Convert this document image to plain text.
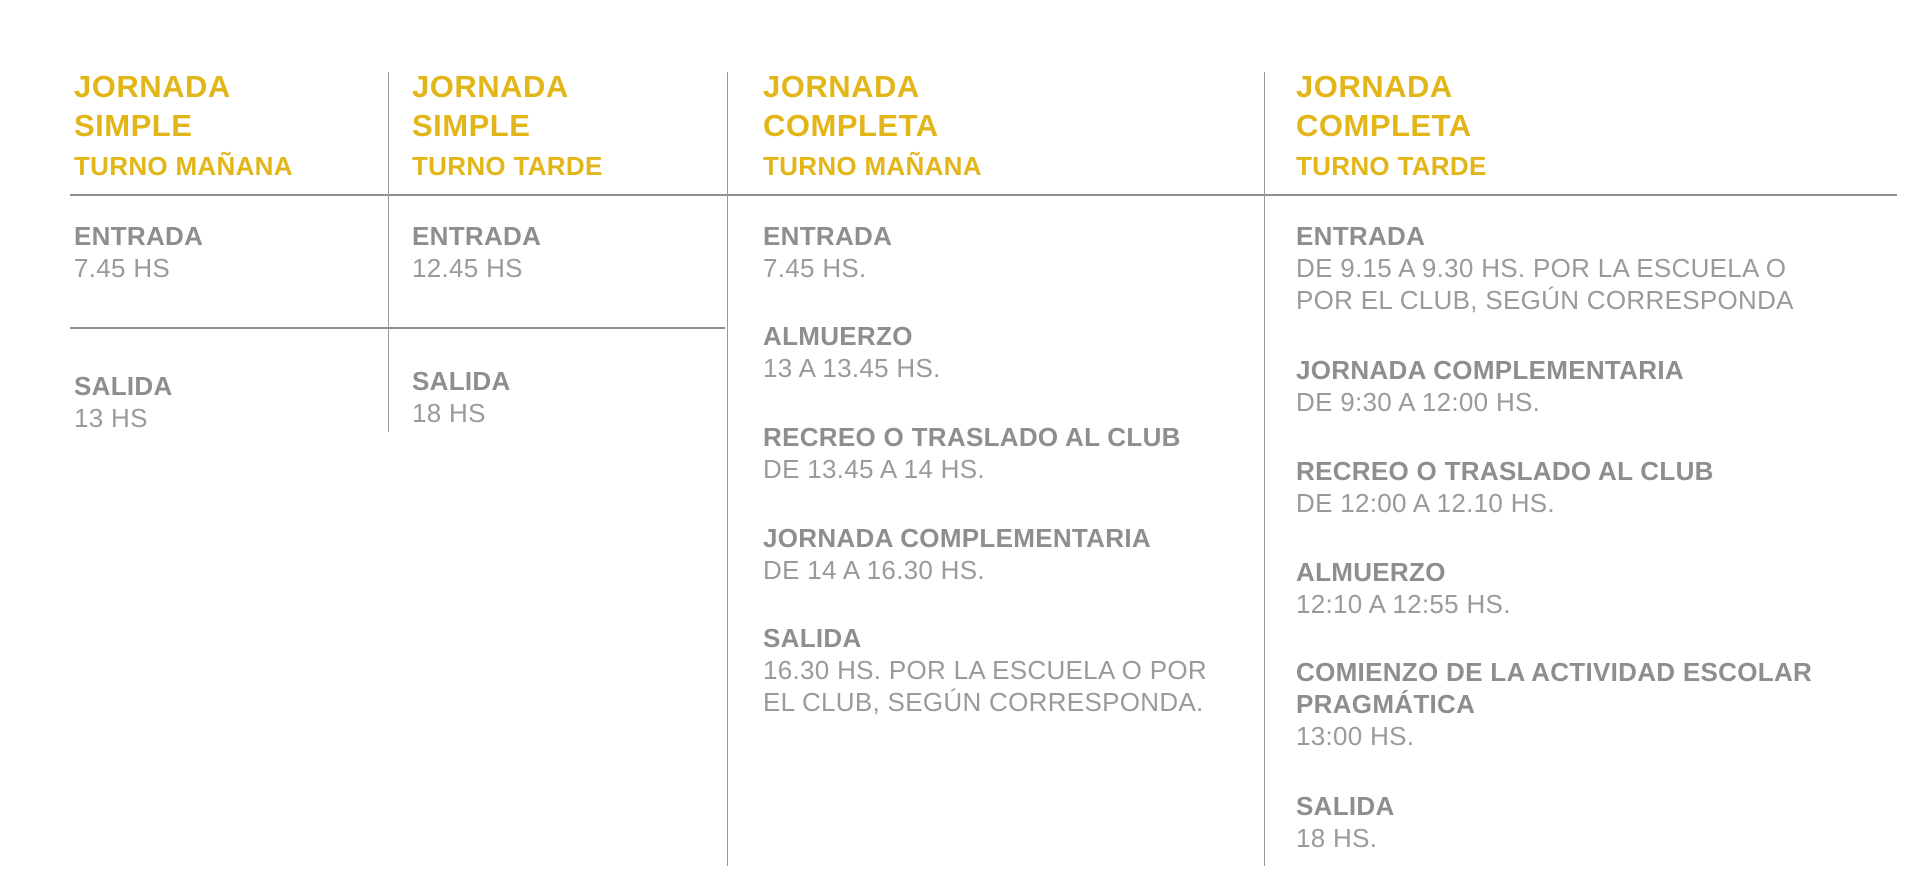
JORNADA
SIMPLE
TURNO MAÑANA
JORNADA
SIMPLE
TURNO TARDE
JORNADA
COMPLETA
TURNO MAÑANA
JORNADA
COMPLETA
TURNO TARDE
ENTRADA
7.45 HS
SALIDA
13 HS
ENTRADA
12.45 HS
SALIDA
18 HS
ENTRADA
7.45 HS.
ALMUERZO
13 A 13.45 HS.
RECREO O TRASLADO AL CLUB
DE 13.45 A 14 HS.
JORNADA COMPLEMENTARIA
DE 14 A 16.30 HS.
SALIDA
16.30 HS. POR LA ESCUELA O POR
EL CLUB, SEGÚN CORRESPONDA.
ENTRADA
DE 9.15 A 9.30 HS. POR LA ESCUELA O
POR EL CLUB, SEGÚN CORRESPONDA
JORNADA COMPLEMENTARIA
DE 9:30 A 12:00 HS.
RECREO O TRASLADO AL CLUB
DE 12:00 A 12.10 HS.
ALMUERZO
12:10 A 12:55 HS.
COMIENZO DE LA ACTIVIDAD ESCOLAR
PRAGMÁTICA
13:00 HS.
SALIDA
18 HS.
